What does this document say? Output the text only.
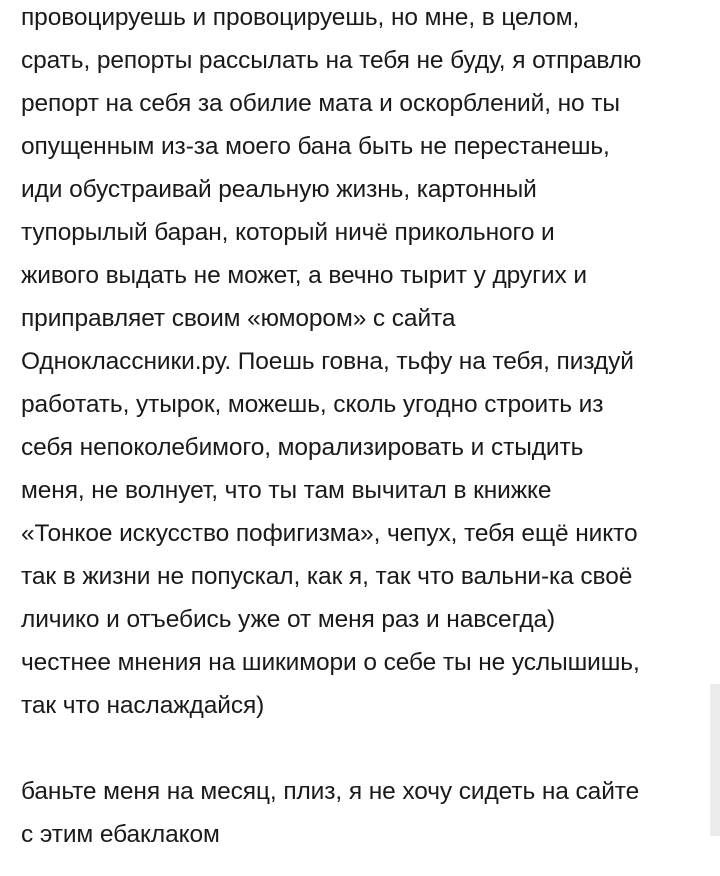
провоцируешь и провоцируешь, но мне, в целом,
срать, репорты рассылать на тебя не буду, я отправлю
репорт на себя за обилие мата и оскорблений, но ты
опущенным из-за моего бана быть не перестанешь,
иди обустраивай реальную жизнь, картонный
тупорылый баран, который ничё прикольного и
живого выдать не может, а вечно тырит у других и
приправляет своим «юмором» с сайта
Одноклассники.ру. Поешь говна, тьфу на тебя, пиздуй
работать, утырок, можешь, сколь угодно строить из
себя непоколебимого, морализировать и стыдить
меня, не волнует, что ты там вычитал в книжке
«Тонкое искусство пофигизма», чепух, тебя ещё никто
так в жизни не попускал, как я, так что вальни-ка своё
личико и отъебись уже от меня раз и навсегда)
честнее мнения на шикимори о себе ты не услышишь,
так что наслаждайся)
баньте меня на месяц, плиз, я не хочу сидеть на сайте
с этим ебаклаком
